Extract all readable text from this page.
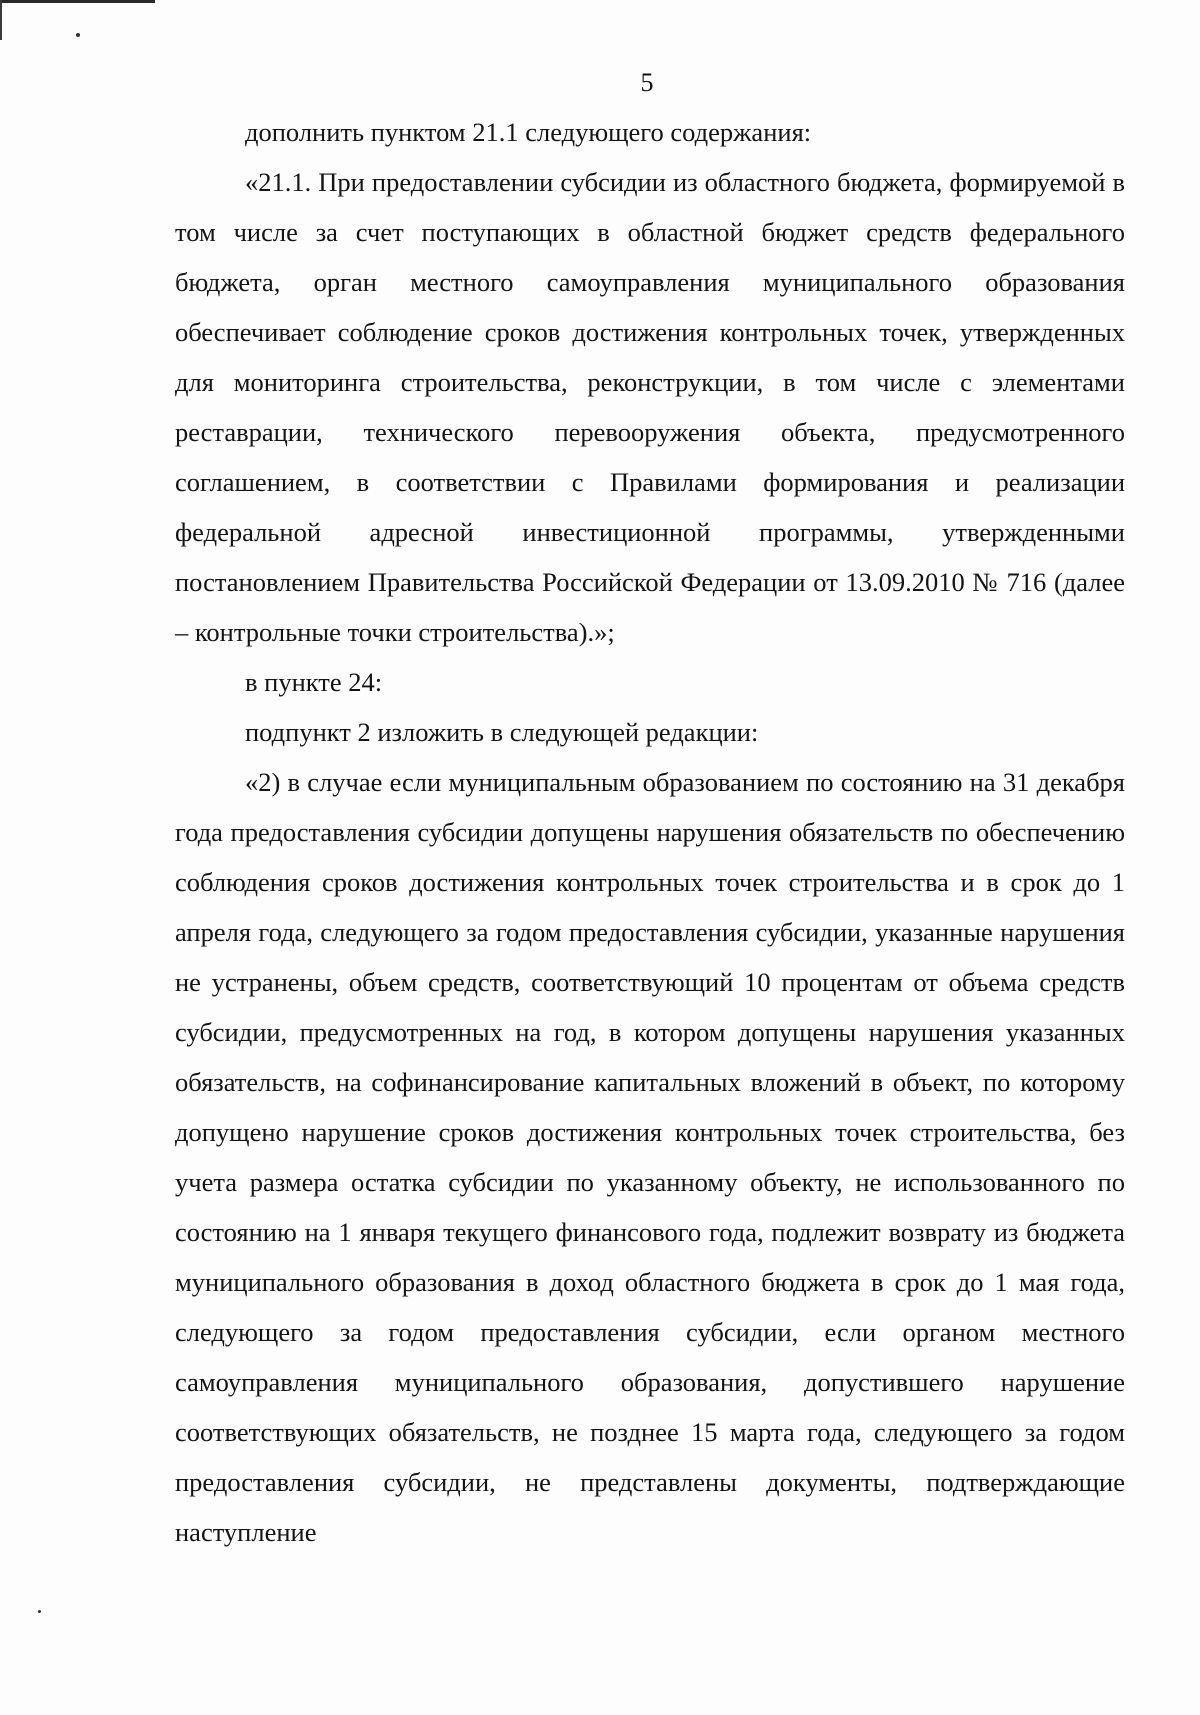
5

дополнить пунктом 21.1 следующего содержания:

«21.1. При предоставлении субсидии из областного бюджета, формируемой в том числе за счет поступающих в областной бюджет средств федерального бюджета, орган местного самоуправления муниципального образования обеспечивает соблюдение сроков достижения контрольных точек, утвержденных для мониторинга строительства, реконструкции, в том числе с элементами реставрации, технического перевооружения объекта, предусмотренного соглашением, в соответствии с Правилами формирования и реализации федеральной адресной инвестиционной программы, утвержденными постановлением Правительства Российской Федерации от 13.09.2010 № 716 (далее – контрольные точки строительства).»;

в пункте 24:

подпункт 2 изложить в следующей редакции:

«2) в случае если муниципальным образованием по состоянию на 31 декабря года предоставления субсидии допущены нарушения обязательств по обеспечению соблюдения сроков достижения контрольных точек строительства и в срок до 1 апреля года, следующего за годом предоставления субсидии, указанные нарушения не устранены, объем средств, соответствующий 10 процентам от объема средств субсидии, предусмотренных на год, в котором допущены нарушения указанных обязательств, на софинансирование капитальных вложений в объект, по которому допущено нарушение сроков достижения контрольных точек строительства, без учета размера остатка субсидии по указанному объекту, не использованного по состоянию на 1 января текущего финансового года, подлежит возврату из бюджета муниципального образования в доход областного бюджета в срок до 1 мая года, следующего за годом предоставления субсидии, если органом местного самоуправления муниципального образования, допустившего нарушение соответствующих обязательств, не позднее 15 марта года, следующего за годом предоставления субсидии, не представлены документы, подтверждающие наступление
